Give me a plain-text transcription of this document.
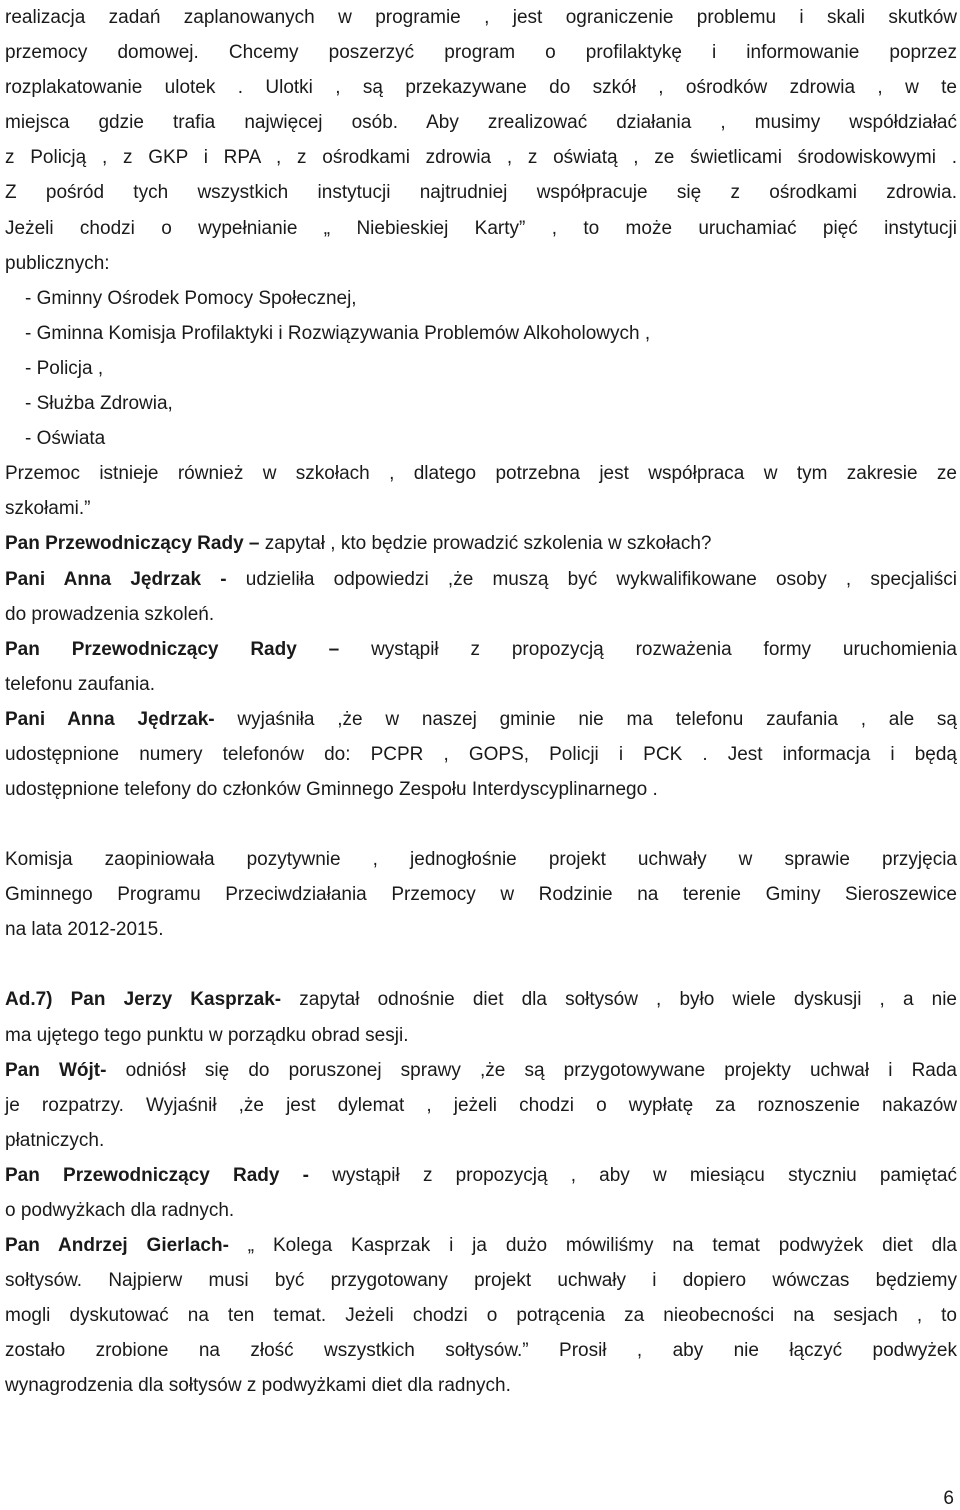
realizacja zadań zaplanowanych w programie , jest ograniczenie problemu i skali skutków
przemocy domowej. Chcemy poszerzyć program o profilaktykę i informowanie poprzez
rozplakatowanie ulotek . Ulotki , są przekazywane do szkół , ośrodków zdrowia , w te
miejsca gdzie trafia najwięcej osób. Aby zrealizować działania , musimy współdziałać
z Policją , z GKP i RPA , z ośrodkami zdrowia , z oświatą , ze świetlicami środowiskowymi .
Z pośród tych wszystkich instytucji najtrudniej współpracuje się z ośrodkami zdrowia.
Jeżeli chodzi o wypełnianie „ Niebieskiej Karty” , to może uruchamiać pięć instytucji
publicznych:
- Gminny Ośrodek Pomocy Społecznej,
- Gminna Komisja Profilaktyki i Rozwiązywania Problemów Alkoholowych ,
- Policja ,
- Służba Zdrowia,
- Oświata
Przemoc istnieje również w szkołach , dlatego potrzebna jest współpraca w tym zakresie ze
szkołami.”
Pan Przewodniczący Rady – zapytał , kto będzie prowadzić szkolenia w szkołach?
Pani Anna Jędrzak - udzieliła odpowiedzi ,że muszą być wykwalifikowane osoby , specjaliści
do prowadzenia szkoleń.
Pan Przewodniczący Rady – wystąpił z propozycją rozważenia formy uruchomienia
telefonu zaufania.
Pani Anna Jędrzak- wyjaśniła ,że w naszej gminie nie ma telefonu zaufania , ale są
udostępnione numery telefonów do: PCPR , GOPS, Policji i PCK . Jest informacja i będą
udostępnione telefony do członków Gminnego Zespołu Interdyscyplinarnego .
Komisja zaopiniowała pozytywnie , jednogłośnie projekt uchwały w sprawie przyjęcia
Gminnego Programu Przeciwdziałania Przemocy w Rodzinie na terenie Gminy Sieroszewice
na lata 2012-2015.
Ad.7) Pan Jerzy Kasprzak- zapytał odnośnie diet dla sołtysów , było wiele dyskusji , a nie
ma ujętego tego punktu w porządku obrad sesji.
Pan Wójt- odniósł się do poruszonej sprawy ,że są przygotowywane projekty uchwał i Rada
je rozpatrzy. Wyjaśnił ,że jest dylemat , jeżeli chodzi o wypłatę za roznoszenie nakazów
płatniczych.
Pan Przewodniczący Rady - wystąpił z propozycją , aby w miesiącu styczniu pamiętać
o podwyżkach dla radnych.
Pan Andrzej Gierlach- „ Kolega Kasprzak i ja dużo mówiliśmy na temat podwyżek diet dla
sołtysów. Najpierw musi być przygotowany projekt uchwały i dopiero wówczas będziemy
mogli dyskutować na ten temat. Jeżeli chodzi o potrącenia za nieobecności na sesjach , to
zostało zrobione na złość wszystkich sołtysów.” Prosił , aby nie łączyć podwyżek
wynagrodzenia dla sołtysów z podwyżkami diet dla radnych.
6
